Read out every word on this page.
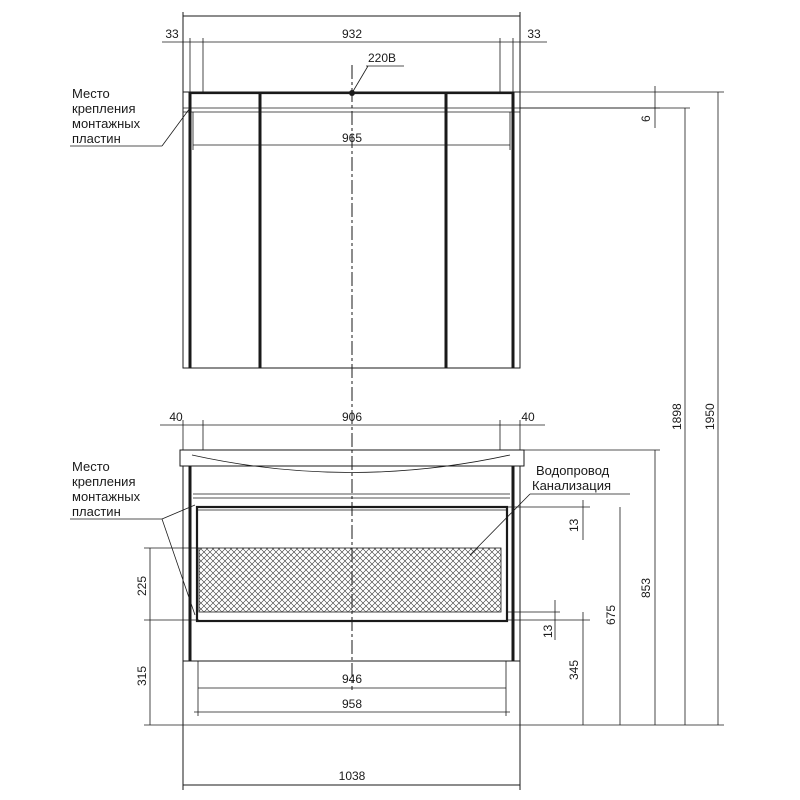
33	932	33
220В
965
6
Место
крепления
монтажных
пластин
40	906	40
Водопровод
Канализация
Место
крепления
монтажных
пластин
225
315
13
13
345
675
853
946
958
1038
1898 1950
